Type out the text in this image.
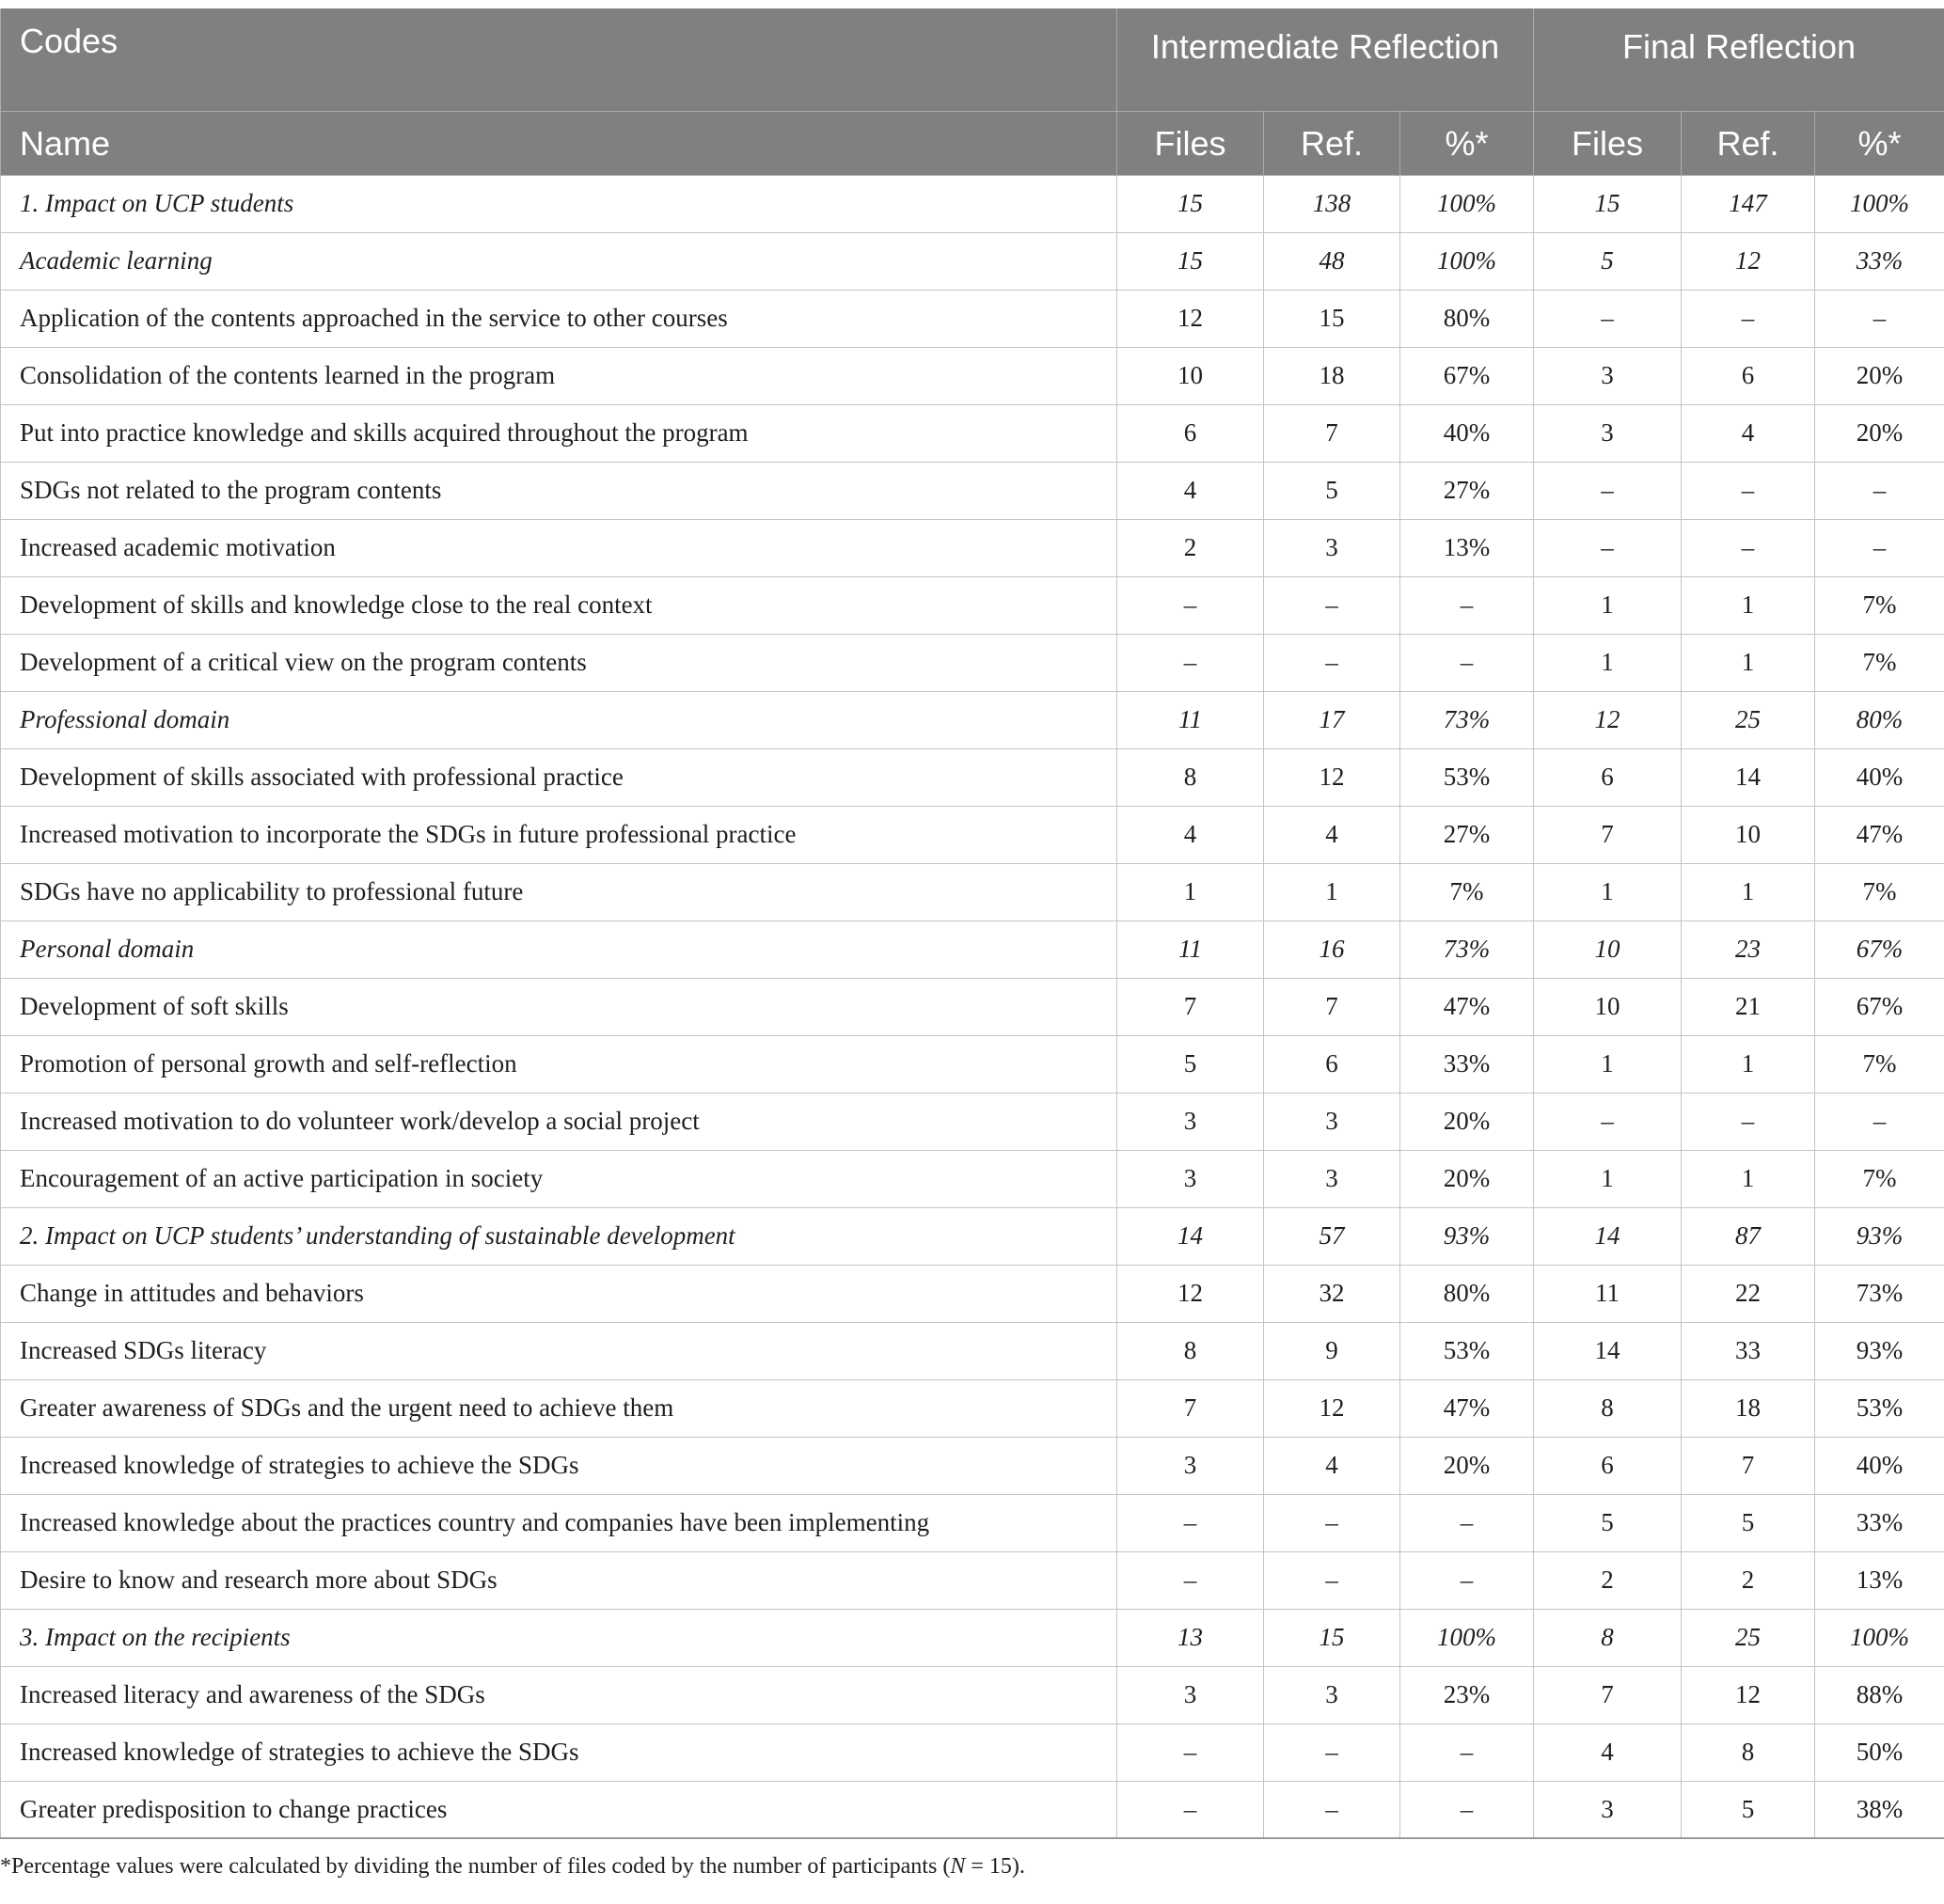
Codes	Intermediate Reflection			Final Reflection		
Name	Files	Ref.	%*	Files	Ref.	%*
1. Impact on UCP students	15	138	100%	15	147	100%
Academic learning	15	48	100%	5	12	33%
Application of the contents approached in the service to other courses	12	15	80%	–	–	–
Consolidation of the contents learned in the program	10	18	67%	3	6	20%
Put into practice knowledge and skills acquired throughout the program	6	7	40%	3	4	20%
SDGs not related to the program contents	4	5	27%	–	–	–
Increased academic motivation	2	3	13%	–	–	–
Development of skills and knowledge close to the real context	–	–	–	1	1	7%
Development of a critical view on the program contents	–	–	–	1	1	7%
Professional domain	11	17	73%	12	25	80%
Development of skills associated with professional practice	8	12	53%	6	14	40%
Increased motivation to incorporate the SDGs in future professional practice	4	4	27%	7	10	47%
SDGs have no applicability to professional future	1	1	7%	1	1	7%
Personal domain	11	16	73%	10	23	67%
Development of soft skills	7	7	47%	10	21	67%
Promotion of personal growth and self-reflection	5	6	33%	1	1	7%
Increased motivation to do volunteer work/develop a social project	3	3	20%	–	–	–
Encouragement of an active participation in society	3	3	20%	1	1	7%
2. Impact on UCP students’ understanding of sustainable development	14	57	93%	14	87	93%
Change in attitudes and behaviors	12	32	80%	11	22	73%
Increased SDGs literacy	8	9	53%	14	33	93%
Greater awareness of SDGs and the urgent need to achieve them	7	12	47%	8	18	53%
Increased knowledge of strategies to achieve the SDGs	3	4	20%	6	7	40%
Increased knowledge about the practices country and companies have been implementing	–	–	–	5	5	33%
Desire to know and research more about SDGs	–	–	–	2	2	13%
3. Impact on the recipients	13	15	100%	8	25	100%
Increased literacy and awareness of the SDGs	3	3	23%	7	12	88%
Increased knowledge of strategies to achieve the SDGs	–	–	–	4	8	50%
Greater predisposition to change practices	–	–	–	3	5	38%
*Percentage values were calculated by dividing the number of files coded by the number of participants (N = 15).
